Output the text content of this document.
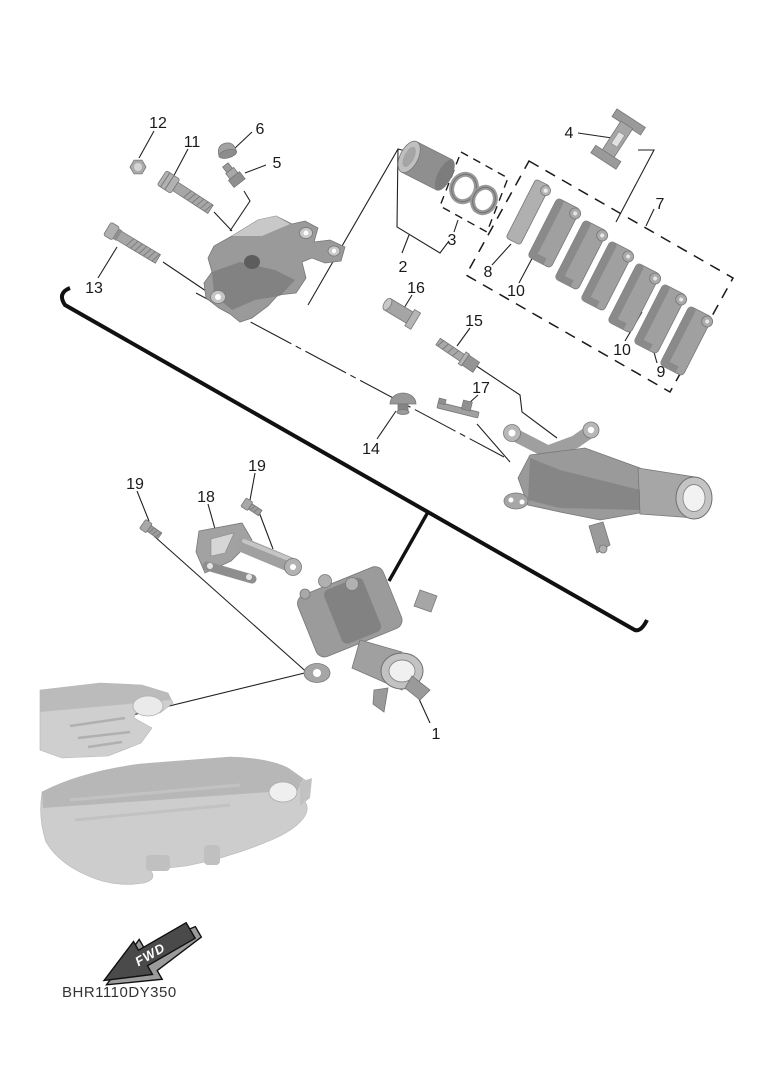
FWD
BHR1110DY350
1
2
3
4
5
6
7
8
9
10
10
11
12
13
14
15
16
17
18
19
19
